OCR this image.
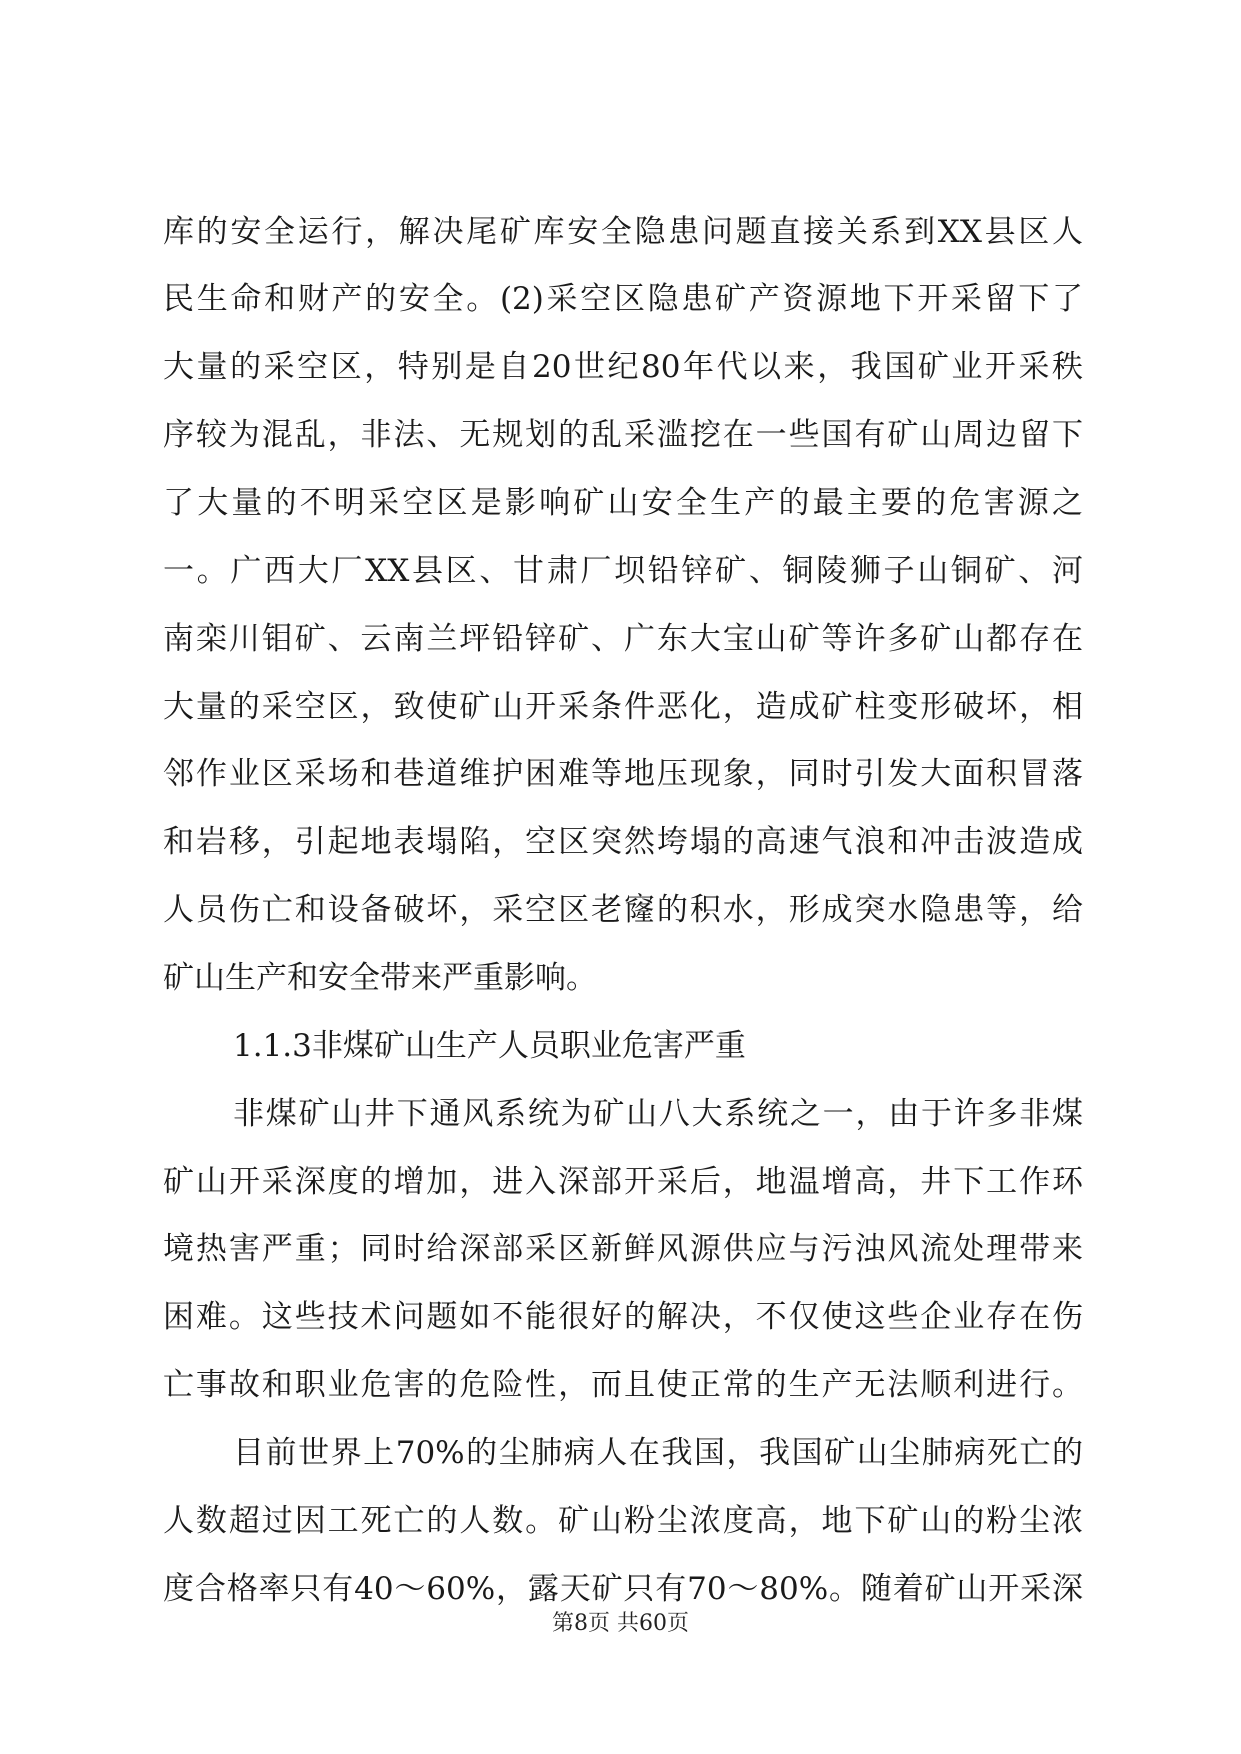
库的安全运行，解决尾矿库安全隐患问题直接关系到XX县区人
民生命和财产的安全。(2)采空区隐患矿产资源地下开采留下了
大量的采空区，特别是自20世纪80年代以来，我国矿业开采秩
序较为混乱，非法、无规划的乱采滥挖在一些国有矿山周边留下
了大量的不明采空区是影响矿山安全生产的最主要的危害源之
一。广西大厂XX县区、甘肃厂坝铅锌矿、铜陵狮子山铜矿、河
南栾川钼矿、云南兰坪铅锌矿、广东大宝山矿等许多矿山都存在
大量的采空区，致使矿山开采条件恶化，造成矿柱变形破坏，相
邻作业区采场和巷道维护困难等地压现象，同时引发大面积冒落
和岩移，引起地表塌陷，空区突然垮塌的高速气浪和冲击波造成
人员伤亡和设备破坏，采空区老窿的积水，形成突水隐患等，给
矿山生产和安全带来严重影响。
1.1.3非煤矿山生产人员职业危害严重
非煤矿山井下通风系统为矿山八大系统之一，由于许多非煤
矿山开采深度的增加，进入深部开采后，地温增高，井下工作环
境热害严重；同时给深部采区新鲜风源供应与污浊风流处理带来
困难。这些技术问题如不能很好的解决，不仅使这些企业存在伤
亡事故和职业危害的危险性，而且使正常的生产无法顺利进行。
目前世界上70%的尘肺病人在我国，我国矿山尘肺病死亡的
人数超过因工死亡的人数。矿山粉尘浓度高，地下矿山的粉尘浓
度合格率只有40～60%，露天矿只有70～80%。随着矿山开采深
第8页 共60页
